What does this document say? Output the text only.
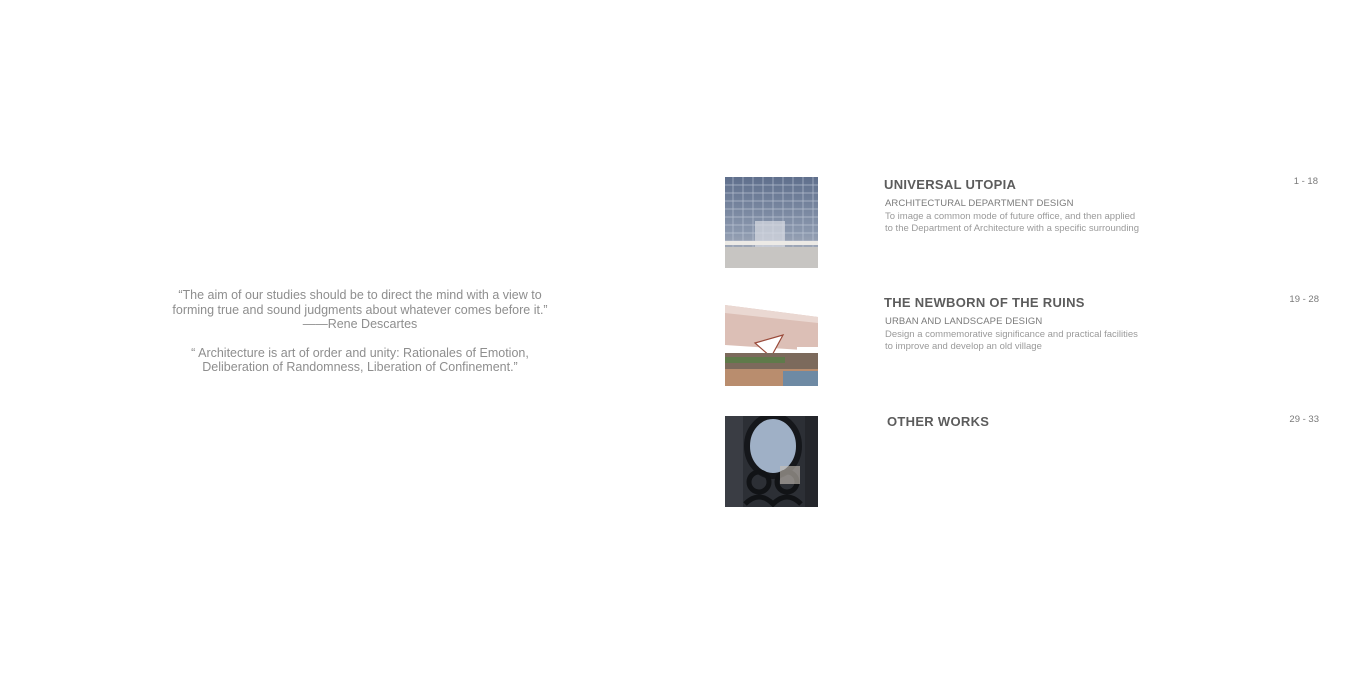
“The aim of our studies should be to direct the mind with a view to
forming true and sound judgments about whatever comes before it.”
——Rene Descartes

“ Architecture is art of order and unity: Rationales of Emotion,
Deliberation of Randomness, Liberation of Confinement.”

UNIVERSAL UTOPIA
ARCHITECTURAL DEPARTMENT DESIGN
To image a common mode of future office, and then applied
to the Department of Architecture with a specific surrounding
1 - 18
THE NEWBORN OF THE RUINS
URBAN AND LANDSCAPE DESIGN
Design a commemorative significance and practical facilities
to improve and develop an old village
19 - 28
OTHER WORKS	29 - 33
